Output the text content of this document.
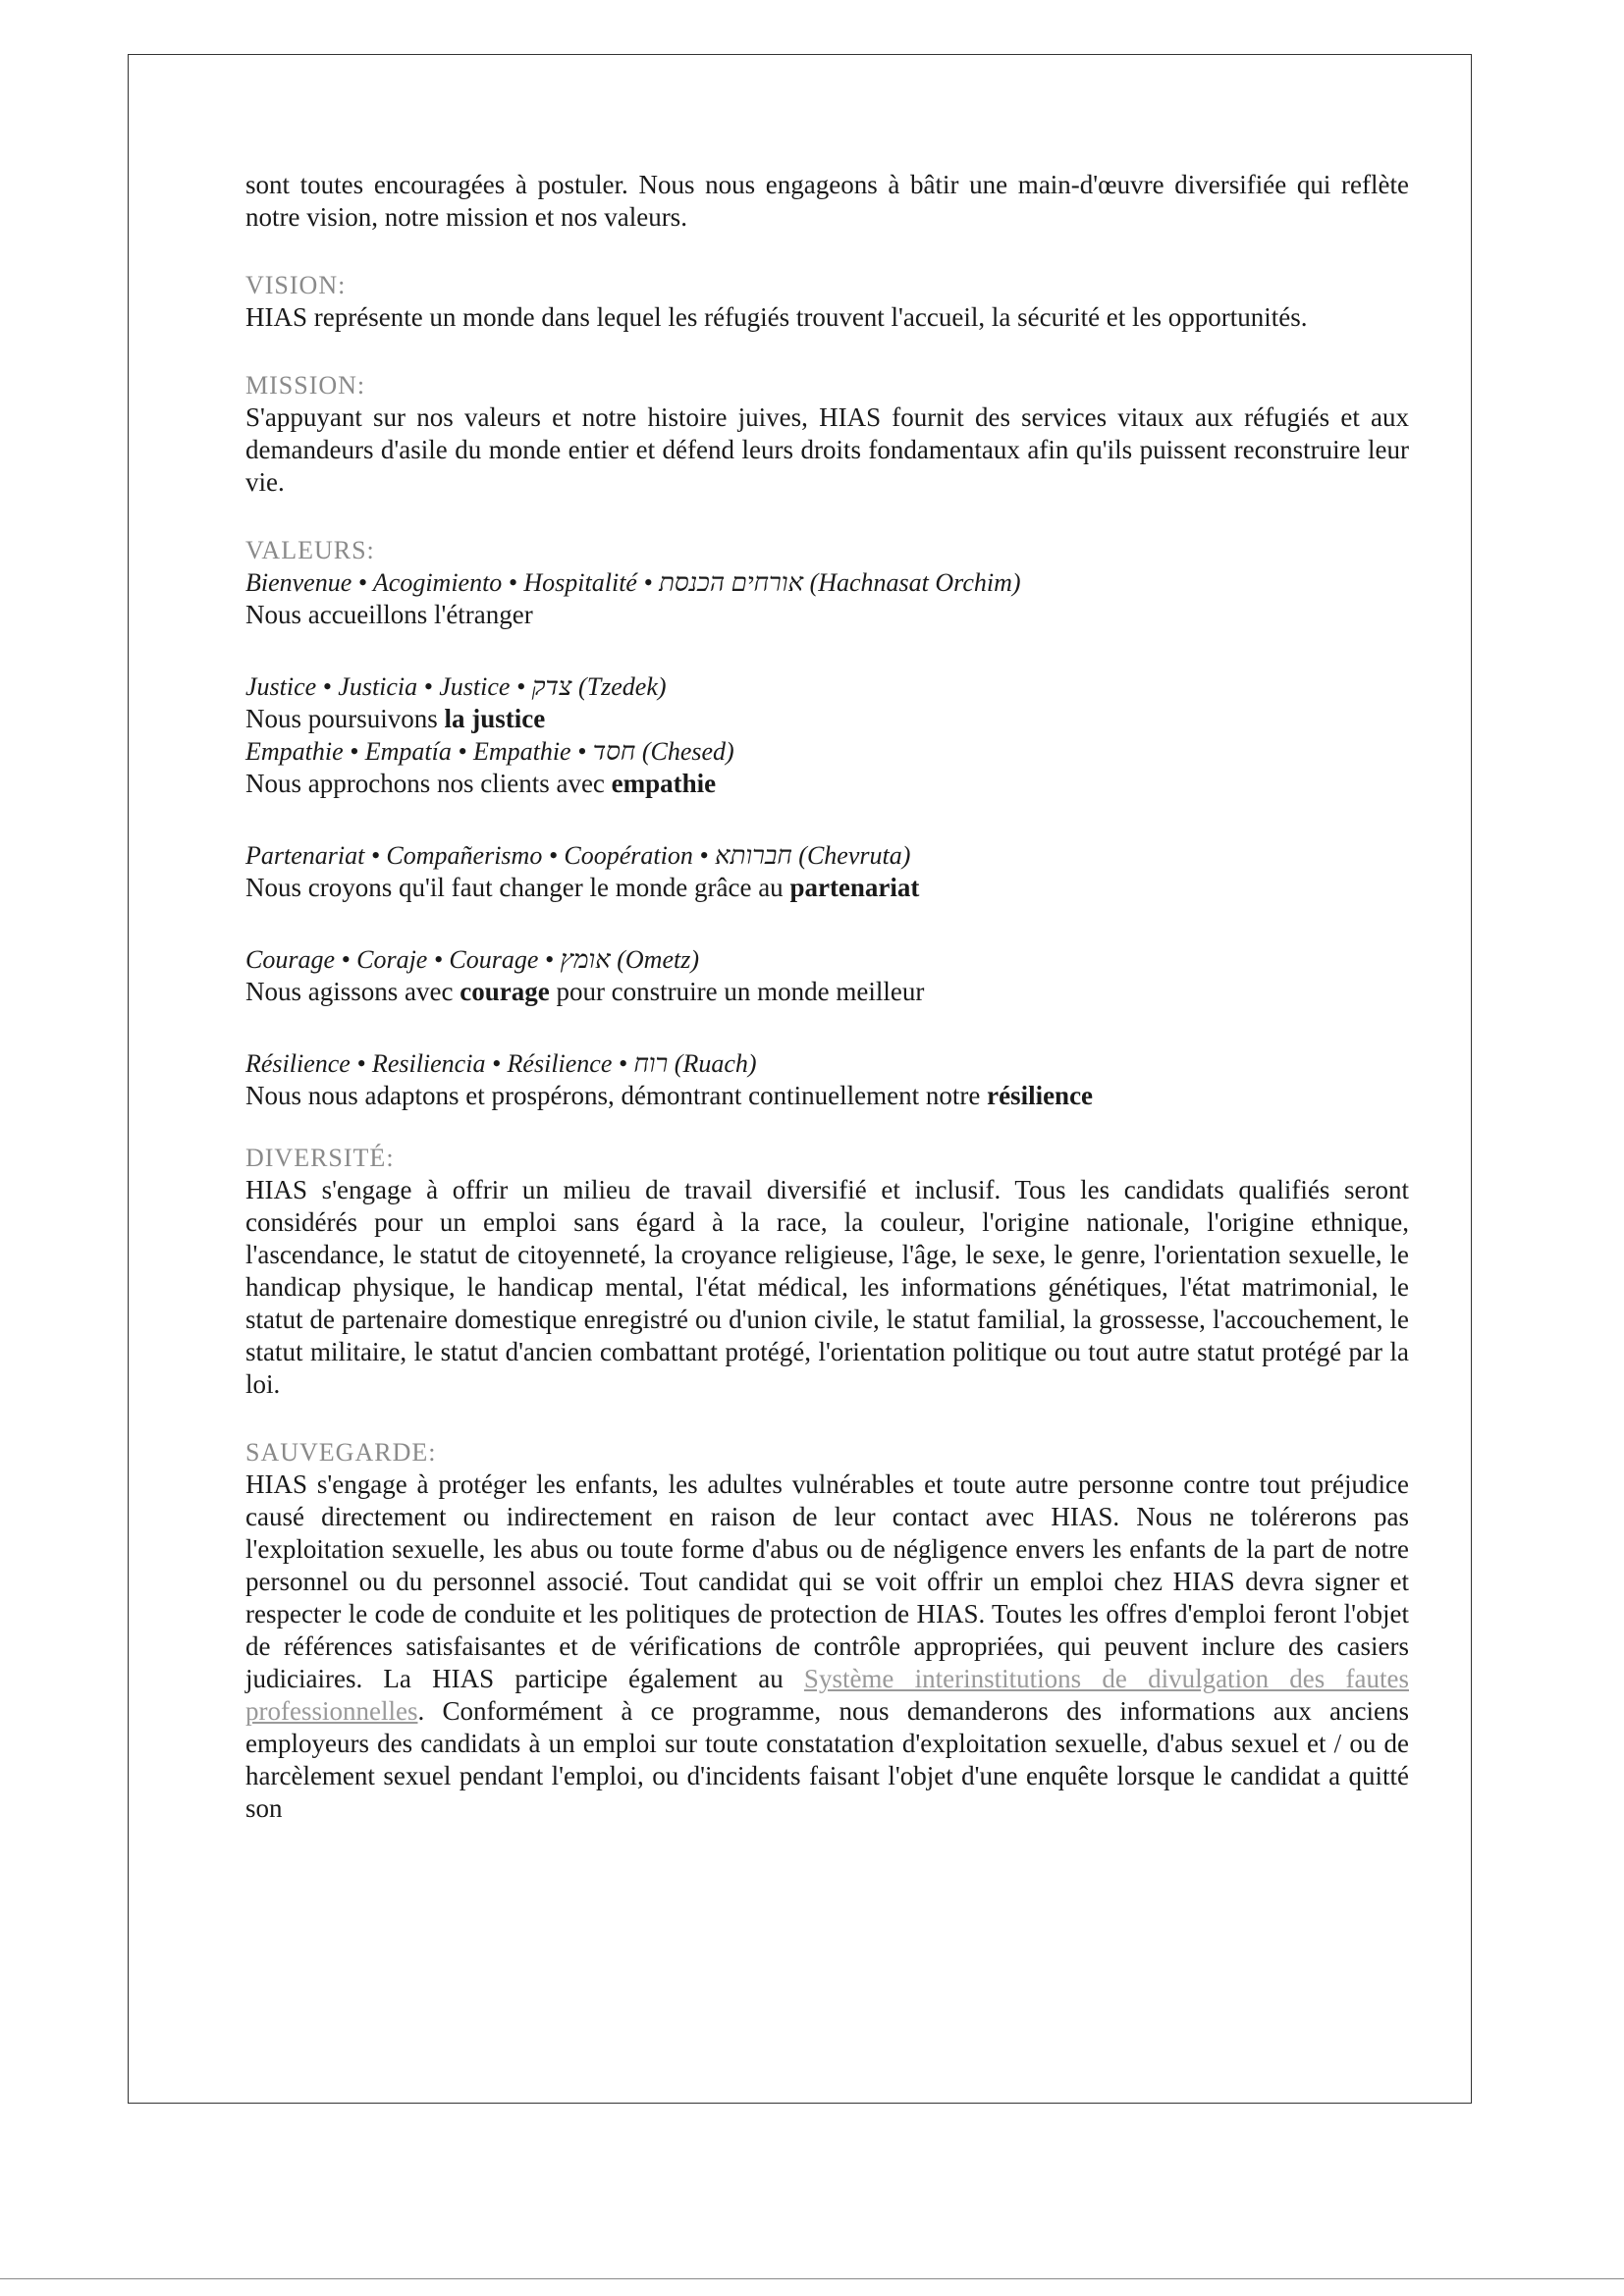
sont toutes encouragées à postuler. Nous nous engageons à bâtir une main-d'œuvre diversifiée qui reflète notre vision, notre mission et nos valeurs.

VISION:

HIAS représente un monde dans lequel les réfugiés trouvent l'accueil, la sécurité et les opportunités.

MISSION:

S'appuyant sur nos valeurs et notre histoire juives, HIAS fournit des services vitaux aux réfugiés et aux demandeurs d'asile du monde entier et défend leurs droits fondamentaux afin qu'ils puissent reconstruire leur vie.

VALEURS:

Bienvenue • Acogimiento • Hospitalité • אורחים הכנסת (Hachnasat Orchim)

Nous accueillons l'étranger

Justice • Justicia • Justice • צדק (Tzedek)

Nous poursuivons la justice

Empathie • Empatía • Empathie • חסד (Chesed)

Nous approchons nos clients avec empathie

Partenariat • Compañerismo • Coopération • חברותא (Chevruta)

Nous croyons qu'il faut changer le monde grâce au partenariat

Courage • Coraje • Courage • אומץ (Ometz)

Nous agissons avec courage pour construire un monde meilleur

Résilience • Resiliencia • Résilience • רוח (Ruach)

Nous nous adaptons et prospérons, démontrant continuellement notre résilience

DIVERSITÉ:

HIAS s'engage à offrir un milieu de travail diversifié et inclusif. Tous les candidats qualifiés seront considérés pour un emploi sans égard à la race, la couleur, l'origine nationale, l'origine ethnique, l'ascendance, le statut de citoyenneté, la croyance religieuse, l'âge, le sexe, le genre, l'orientation sexuelle, le handicap physique, le handicap mental, l'état médical, les informations génétiques, l'état matrimonial, le statut de partenaire domestique enregistré ou d'union civile, le statut familial, la grossesse, l'accouchement, le statut militaire, le statut d'ancien combattant protégé, l'orientation politique ou tout autre statut protégé par la loi.

SAUVEGARDE:

HIAS s'engage à protéger les enfants, les adultes vulnérables et toute autre personne contre tout préjudice causé directement ou indirectement en raison de leur contact avec HIAS. Nous ne tolérerons pas l'exploitation sexuelle, les abus ou toute forme d'abus ou de négligence envers les enfants de la part de notre personnel ou du personnel associé. Tout candidat qui se voit offrir un emploi chez HIAS devra signer et respecter le code de conduite et les politiques de protection de HIAS. Toutes les offres d'emploi feront l'objet de références satisfaisantes et de vérifications de contrôle appropriées, qui peuvent inclure des casiers judiciaires. La HIAS participe également au Système interinstitutions de divulgation des fautes professionnelles. Conformément à ce programme, nous demanderons des informations aux anciens employeurs des candidats à un emploi sur toute constatation d'exploitation sexuelle, d'abus sexuel et / ou de harcèlement sexuel pendant l'emploi, ou d'incidents faisant l'objet d'une enquête lorsque le candidat a quitté son
